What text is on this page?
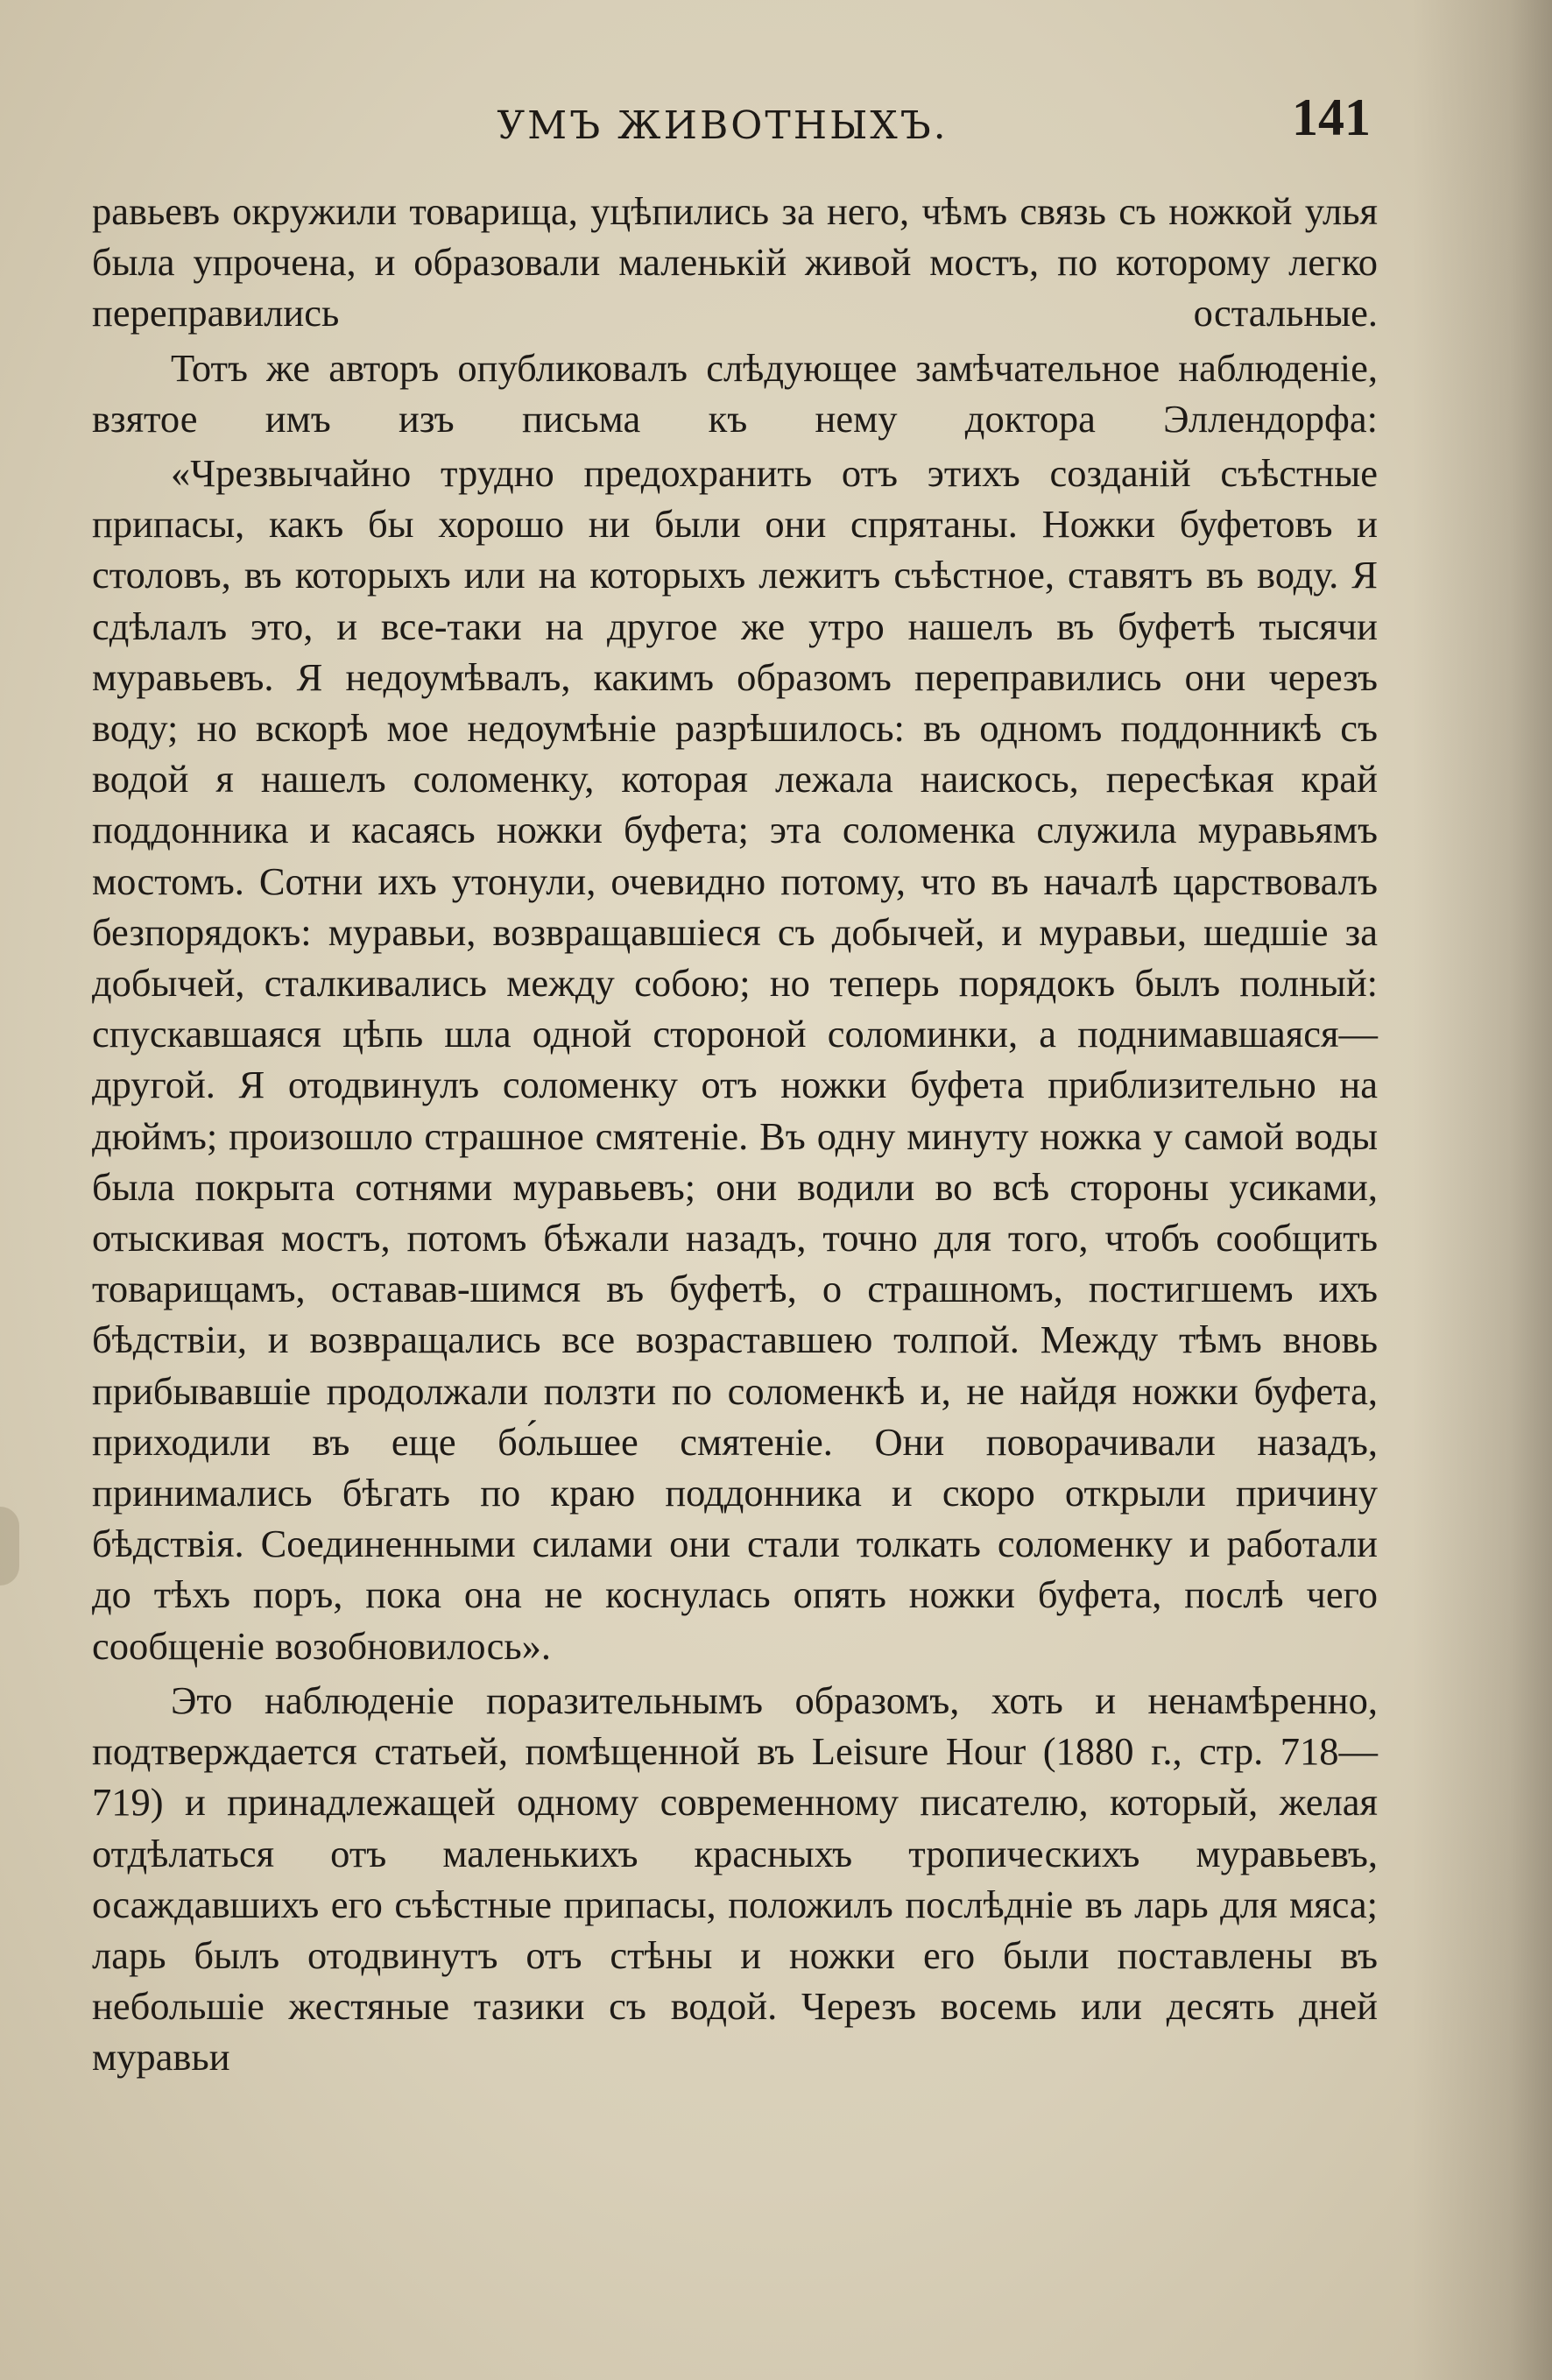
УМЪ ЖИВОТНЫХЪ.	141

равьевъ окружили товарища, уцѣпились за него, чѣмъ связь съ ножкой улья была упрочена, и образовали маленькій живой мостъ, по которому легко переправились остальные.

Тотъ же авторъ опубликовалъ слѣдующее замѣчательное наблюденіе, взятое имъ изъ письма къ нему доктора Эллендорфа:

«Чрезвычайно трудно предохранить отъ этихъ созданій съѣстные припасы, какъ бы хорошо ни были они спрятаны. Ножки буфетовъ и столовъ, въ которыхъ или на которыхъ лежитъ съѣстное, ставятъ въ воду. Я сдѣлалъ это, и все-таки на другое же утро нашелъ въ буфетѣ тысячи муравьевъ. Я недоумѣвалъ, какимъ образомъ переправились они черезъ воду; но вскорѣ мое недоумѣніе разрѣшилось: въ одномъ поддонникѣ съ водой я нашелъ соломенку, которая лежала наискось, пересѣкая край поддонника и касаясь ножки буфета; эта соломенка служила муравьямъ мостомъ. Сотни ихъ утонули, очевидно потому, что въ началѣ царствовалъ безпорядокъ: муравьи, возвращавшіеся съ добычей, и муравьи, шедшіе за добычей, сталкивались между собою; но теперь порядокъ былъ полный: спускавшаяся цѣпь шла одной стороной соломинки, а поднимавшаяся—другой. Я отодвинулъ соломенку отъ ножки буфета приблизительно на дюймъ; произошло страшное смятеніе. Въ одну минуту ножка у самой воды была покрыта сотнями муравьевъ; они водили во всѣ стороны усиками, отыскивая мостъ, потомъ бѣжали назадъ, точно для того, чтобъ сообщить товарищамъ, оставав-шимся въ буфетѣ, о страшномъ, постигшемъ ихъ бѣдствіи, и возвращались все возраставшею толпой. Между тѣмъ вновь прибывавшіе продолжали ползти по соломенкѣ и, не найдя ножки буфета, приходили въ еще бо́льшее смятеніе. Они поворачивали назадъ, принимались бѣгать по краю поддонника и скоро открыли причину бѣдствія. Соединенными силами они стали толкать соломенку и работали до тѣхъ поръ, пока она не коснулась опять ножки буфета, послѣ чего сообщеніе возобновилось».

Это наблюденіе поразительнымъ образомъ, хоть и ненамѣренно, подтверждается статьей, помѣщенной въ Leisure Hour (1880 г., стр. 718—719) и принадлежащей одному современному писателю, который, желая отдѣлаться отъ маленькихъ красныхъ тропическихъ муравьевъ, осаждавшихъ его съѣстные припасы, положилъ послѣдніе въ ларь для мяса; ларь былъ отодвинутъ отъ стѣны и ножки его были поставлены въ небольшіе жестяные тазики съ водой. Черезъ восемь или десять дней муравьи
